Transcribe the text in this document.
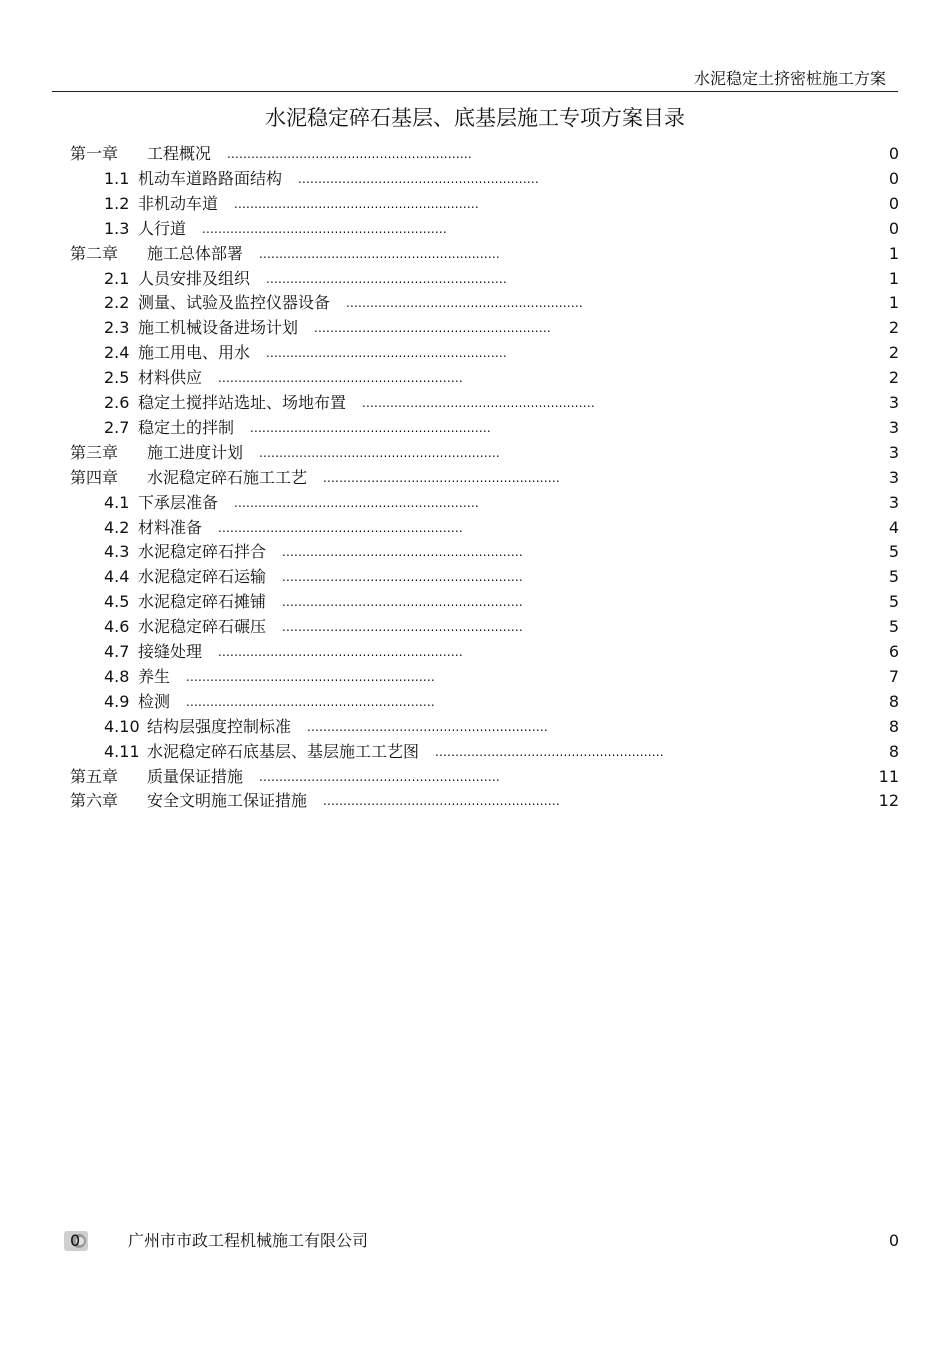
水泥稳定土挤密桩施工方案
水泥稳定碎石基层、底基层施工专项方案目录
第一章 工程概况 .............................................................	0
1.1 机动车道路路面结构 ............................................................	0
1.2 非机动车道 .............................................................	0
1.3 人行道 .............................................................	0
第二章 施工总体部署 ............................................................	1
2.1 人员安排及组织 ............................................................	1
2.2 测量、试验及监控仪器设备 ...........................................................	1
2.3 施工机械设备进场计划 ...........................................................	2
2.4 施工用电、用水 ............................................................	2
2.5 材料供应 .............................................................	2
2.6 稳定土搅拌站选址、场地布置 ..........................................................	3
2.7 稳定土的拌制 ............................................................	3
第三章 施工进度计划 ............................................................	3
第四章 水泥稳定碎石施工工艺 ...........................................................	3
4.1 下承层准备 .............................................................	3
4.2 材料准备 .............................................................	4
4.3 水泥稳定碎石拌合 ............................................................	5
4.4 水泥稳定碎石运输 ............................................................	5
4.5 水泥稳定碎石摊铺 ............................................................	5
4.6 水泥稳定碎石碾压 ............................................................	5
4.7 接缝处理 .............................................................	6
4.8 养生 ..............................................................	7
4.9 检测 ..............................................................	8
4.10 结构层强度控制标准 ............................................................	8
4.11 水泥稳定碎石底基层、基层施工工艺图 .........................................................	8
第五章 质量保证措施 ............................................................	11
第六章 安全文明施工保证措施 ...........................................................	12
0	广州市市政工程机械施工有限公司	0
